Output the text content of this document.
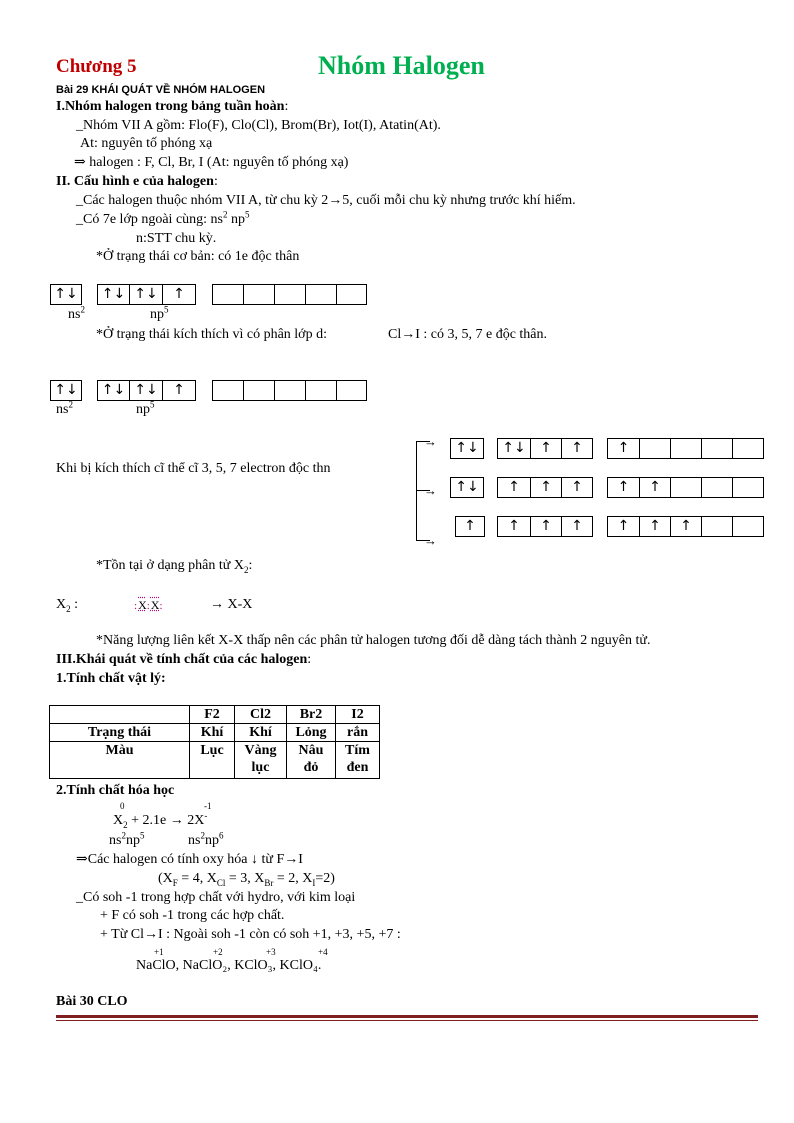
Chương 5	Nhóm Halogen
Bài 29 KHÁI QUÁT VỀ NHÓM HALOGEN
I.Nhóm halogen trong bảng tuần hoàn:
_Nhóm VII A gồm: Flo(F), Clo(Cl), Brom(Br), Iot(I), Atatin(At).
At: nguyên tố phóng xạ
⇒ halogen : F, Cl, Br, I (At: nguyên tố phóng xạ)
II. Cấu hình e của halogen:
_Các halogen thuộc nhóm VII A, từ chu kỳ 2→5, cuối mỗi chu kỳ nhưng trước khí hiếm.
_Có 7e lớp ngoài cùng: $ns^2$ $np^5$
n:STT chu kỳ.
*Ở trạng thái cơ bản: có 1e độc thân
↑↓	↑↓ ↑↓	↑
$ns^2$	$np^5$
*Ở trạng thái kích thích vì có phân lớp d:	Cl→I : có 3, 5, 7 e độc thân.
↑↓	↑↓ ↑↓	↑
$ns^2$	$np^5$
Khi bị kích thích cĩ thể cĩ 3, 5, 7 electron độc thn
→
→
→
↑↓	↑↓	↑	↑	↑
↑↓	↑	↑	↑	↑	↑
↑	↑	↑	↑	↑	↑	↑
*Tồn tại ở dạng phân tử $X_2$:
$X_2$ :	:X:X:	→ X-X
*Năng lượng liên kết X-X thấp nên các phân tử halogen tương đối dễ dàng tách thành 2 nguyên tử.
III.Khái quát về tính chất của các halogen:
1.Tính chất vật lý:
	F2	Cl2	Br2	I2
Trạng thái	Khí	Khí	Lỏng	rắn
Màu	Lục	Vàng lục	Nâu đỏ	Tím đen
2.Tính chất hóa học
0	-1
$X_2 + 2.1e \to 2X^-$
$ns^2np^5$	$ns^2np^6$
⇒Các halogen có tính oxy hóa ↓ từ F→I
($X_F = 4$, $X_{Cl} = 3$, $X_{Br} = 2$, $X_I=2$)
_Có soh -1 trong hợp chất với hydro, với kim loại
+ F có soh -1 trong các hợp chất.
+ Từ Cl→I : Ngoài soh -1 còn có soh +1, +3, +5, +7 :
+1	+2	+3	+4
NaClO, NaClO₂, KClO₃, KClO₄.
Bài 30 CLO
